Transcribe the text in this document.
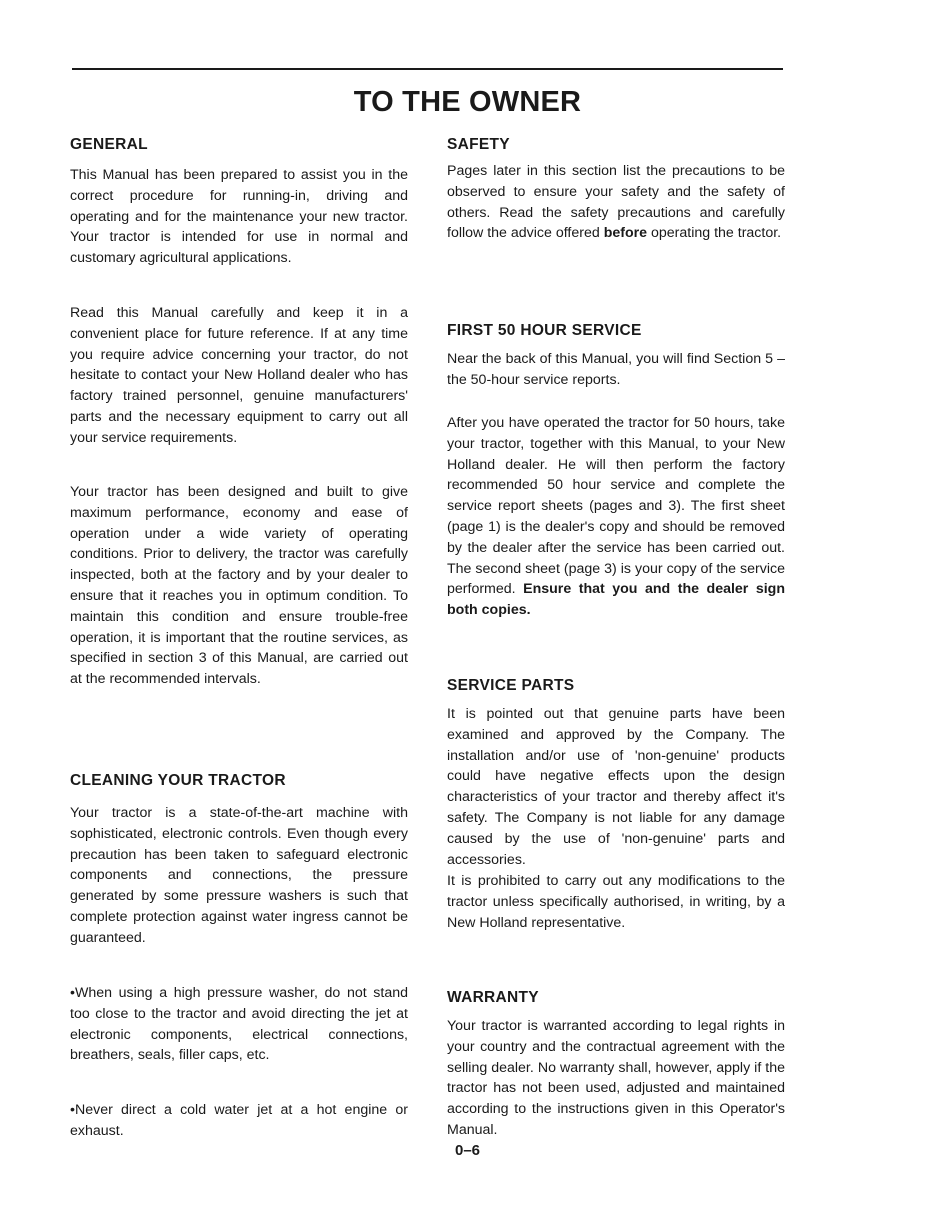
TO THE OWNER
GENERAL

This Manual has been prepared to assist you in the correct procedure for running-in, driving and operating and for the maintenance your new tractor. Your tractor is intended for use in normal and customary agricultural applications.

Read this Manual carefully and keep it in a convenient place for future reference. If at any time you require advice concerning your tractor, do not hesitate to contact your New Holland dealer who has factory trained personnel, genuine manufacturers' parts and the necessary equipment to carry out all your service requirements.

Your tractor has been designed and built to give maximum performance, economy and ease of operation under a wide variety of operating conditions. Prior to delivery, the tractor was carefully inspected, both at the factory and by your dealer to ensure that it reaches you in optimum condition. To maintain this condition and ensure trouble-free operation, it is important that the routine services, as specified in section 3 of this Manual, are carried out at the recommended intervals.

CLEANING YOUR TRACTOR

Your tractor is a state-of-the-art machine with sophisticated, electronic controls. Even though every precaution has been taken to safeguard electronic components and connections, the pressure generated by some pressure washers is such that complete protection against water ingress cannot be guaranteed.

•When using a high pressure washer, do not stand too close to the tractor and avoid directing the jet at electronic components, electrical connections, breathers, seals, filler caps, etc.

•Never direct a cold water jet at a hot engine or exhaust.

SAFETY

Pages later in this section list the precautions to be observed to ensure your safety and the safety of others. Read the safety precautions and carefully follow the advice offered before operating the tractor.

FIRST 50 HOUR SERVICE

Near the back of this Manual, you will find Section 5 – the 50-hour service reports.

After you have operated the tractor for 50 hours, take your tractor, together with this Manual, to your New Holland dealer. He will then perform the factory recommended 50 hour service and complete the service report sheets (pages and 3). The first sheet (page 1) is the dealer's copy and should be removed by the dealer after the service has been carried out. The second sheet (page 3) is your copy of the service performed. Ensure that you and the dealer sign both copies.

SERVICE PARTS

It is pointed out that genuine parts have been examined and approved by the Company. The installation and/or use of 'non-genuine' products could have negative effects upon the design characteristics of your tractor and thereby affect it's safety. The Company is not liable for any damage caused by the use of 'non-genuine' parts and accessories.

It is prohibited to carry out any modifications to the tractor unless specifically authorised, in writing, by a New Holland representative.

WARRANTY

Your tractor is warranted according to legal rights in your country and the contractual agreement with the selling dealer. No warranty shall, however, apply if the tractor has not been used, adjusted and maintained according to the instructions given in this Operator's Manual.

0–6
